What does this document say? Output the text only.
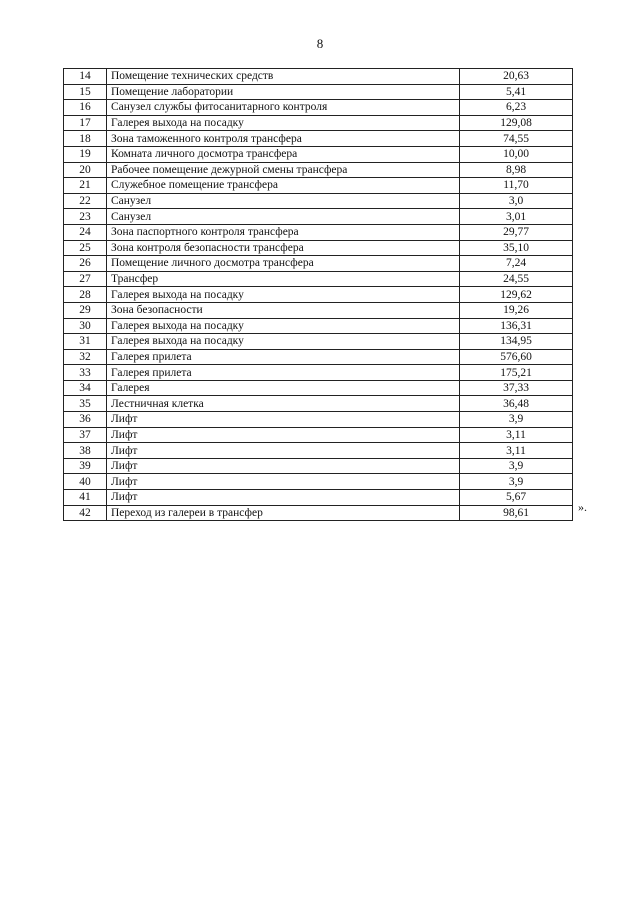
8
14	Помещение технических средств	20,63
15	Помещение лаборатории	5,41
16	Санузел службы фитосанитарного контроля	6,23
17	Галерея выхода на посадку	129,08
18	Зона таможенного контроля трансфера	74,55
19	Комната личного досмотра трансфера	10,00
20	Рабочее помещение дежурной смены трансфера	8,98
21	Служебное помещение трансфера	11,70
22	Санузел	3,0
23	Санузел	3,01
24	Зона паспортного контроля трансфера	29,77
25	Зона контроля безопасности трансфера	35,10
26	Помещение личного досмотра трансфера	7,24
27	Трансфер	24,55
28	Галерея выхода на посадку	129,62
29	Зона безопасности	19,26
30	Галерея выхода на посадку	136,31
31	Галерея выхода на посадку	134,95
32	Галерея прилета	576,60
33	Галерея прилета	175,21
34	Галерея	37,33
35	Лестничная клетка	36,48
36	Лифт	3,9
37	Лифт	3,11
38	Лифт	3,11
39	Лифт	3,9
40	Лифт	3,9
41	Лифт	5,67
42	Переход из галереи в трансфер	98,61	».
